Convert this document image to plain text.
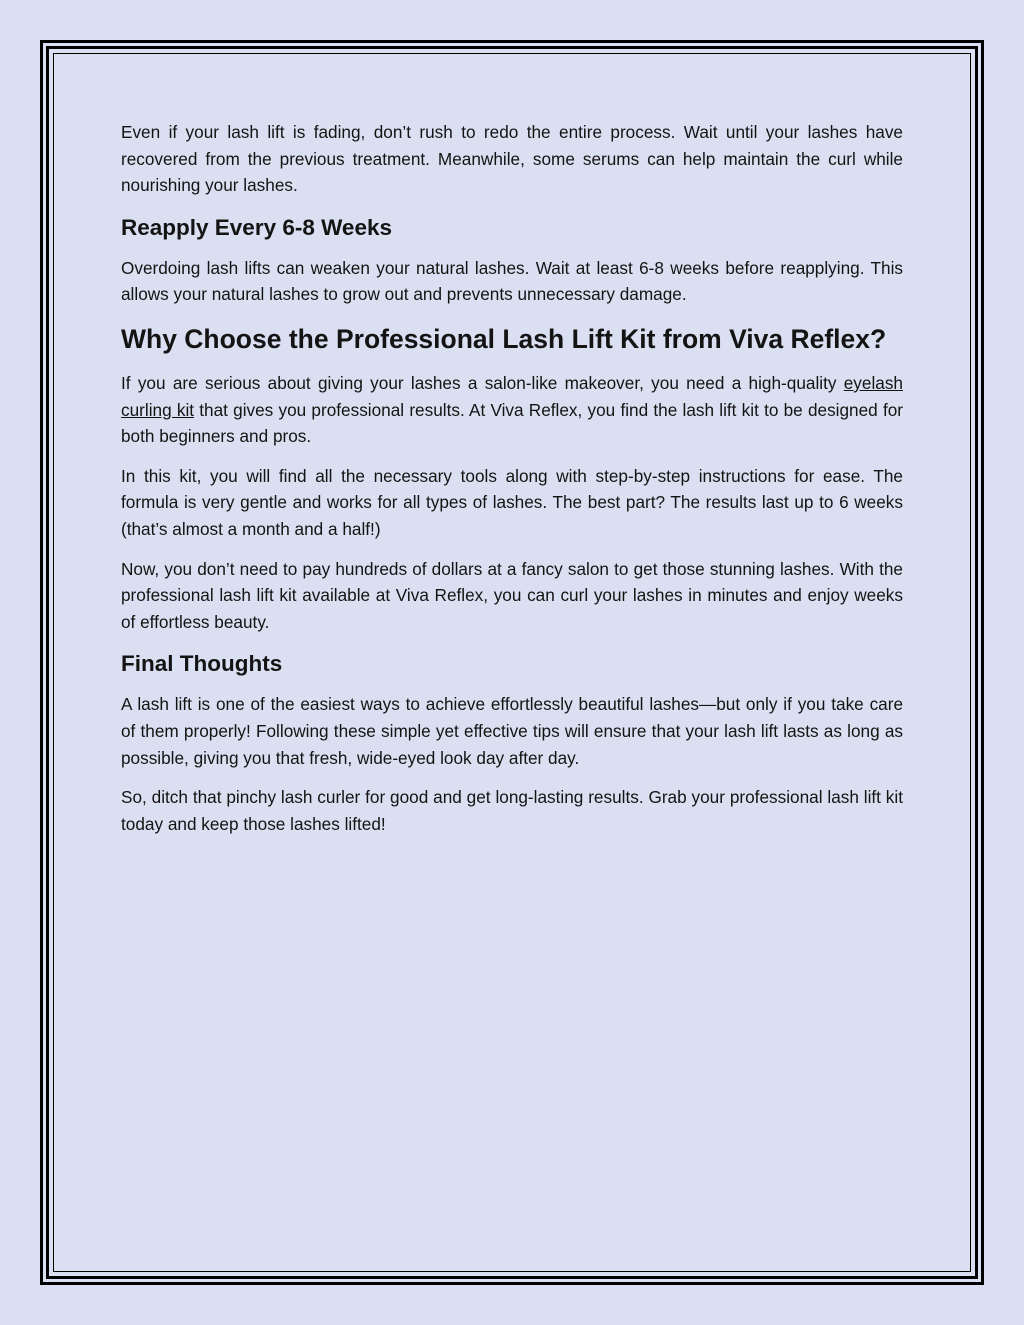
Even if your lash lift is fading, don’t rush to redo the entire process. Wait until your lashes have recovered from the previous treatment. Meanwhile, some serums can help maintain the curl while nourishing your lashes.

Reapply Every 6-8 Weeks

Overdoing lash lifts can weaken your natural lashes. Wait at least 6-8 weeks before reapplying. This allows your natural lashes to grow out and prevents unnecessary damage.

Why Choose the Professional Lash Lift Kit from Viva Reflex?

If you are serious about giving your lashes a salon-like makeover, you need a high-quality eyelash curling kit that gives you professional results. At Viva Reflex, you find the lash lift kit to be designed for both beginners and pros.

In this kit, you will find all the necessary tools along with step-by-step instructions for ease. The formula is very gentle and works for all types of lashes. The best part? The results last up to 6 weeks (that’s almost a month and a half!)

Now, you don’t need to pay hundreds of dollars at a fancy salon to get those stunning lashes. With the professional lash lift kit available at Viva Reflex, you can curl your lashes in minutes and enjoy weeks of effortless beauty.

Final Thoughts

A lash lift is one of the easiest ways to achieve effortlessly beautiful lashes—but only if you take care of them properly! Following these simple yet effective tips will ensure that your lash lift lasts as long as possible, giving you that fresh, wide-eyed look day after day.

So, ditch that pinchy lash curler for good and get long-lasting results. Grab your professional lash lift kit today and keep those lashes lifted!
